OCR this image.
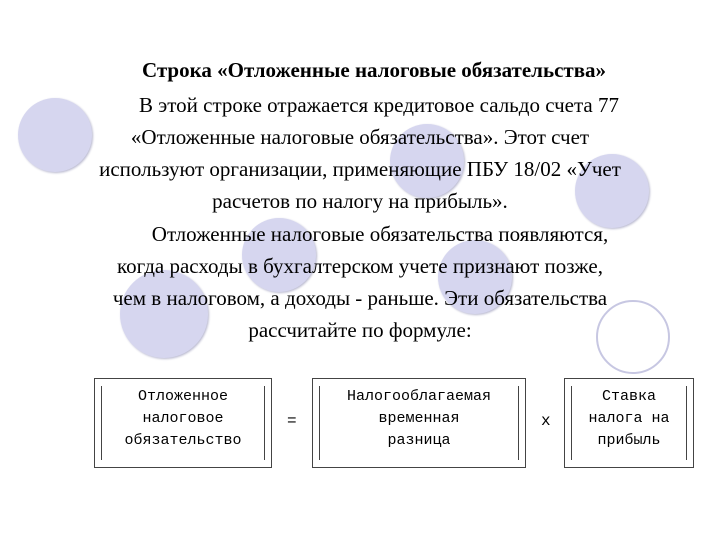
Строка «Отложенные налоговые обязательства»
В этой строке отражается кредитовое сальдо счета 77
«Отложенные налоговые обязательства». Этот счет
используют организации, применяющие ПБУ 18/02 «Учет
расчетов по налогу на прибыль».
Отложенные налоговые обязательства появляются,
когда расходы в бухгалтерском учете признают позже,
чем в налоговом, а доходы - раньше. Эти обязательства
рассчитайте по формуле:
Отложенное
налоговое
обязательство
=
Налогооблагаемая
временная
разница
x
Ставка
налога на
прибыль
